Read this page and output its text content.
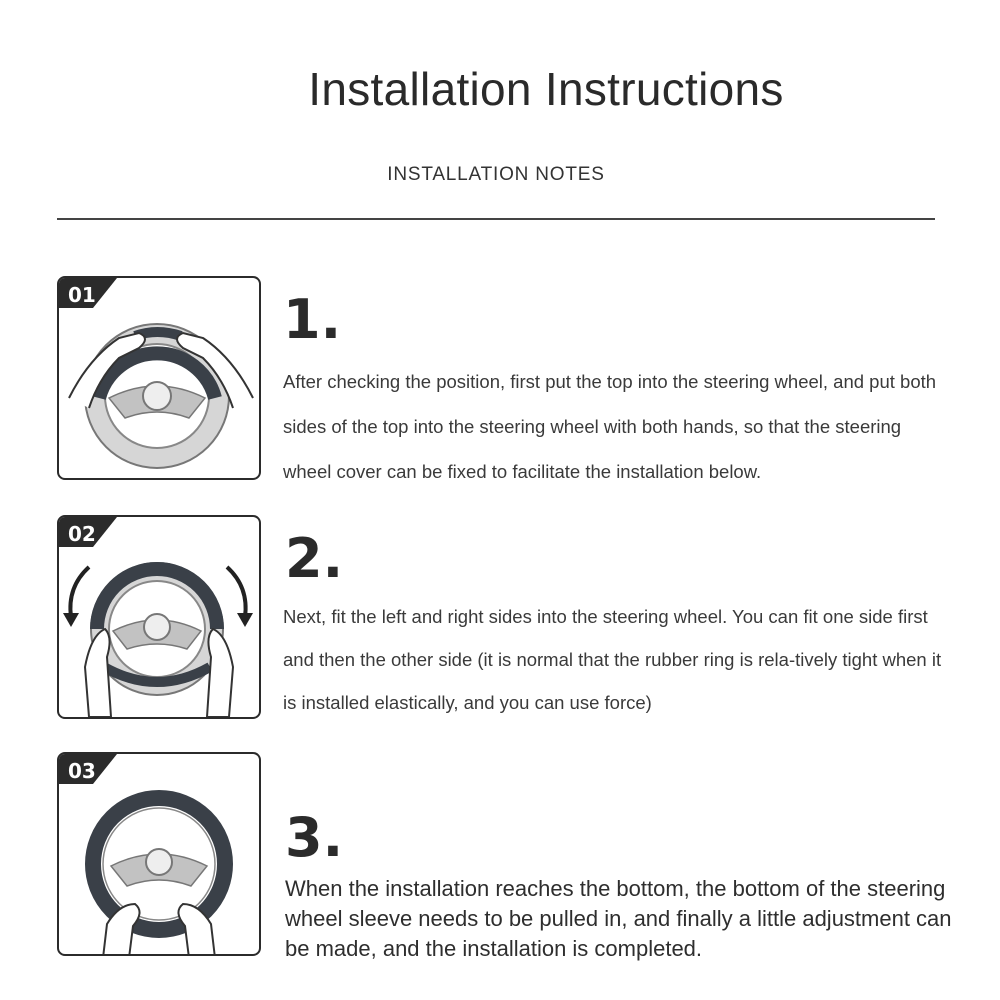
Installation Instructions
INSTALLATION NOTES
01	1.
After checking the position, first put the top into the steering wheel, and put both sides of the top into the steering wheel with both hands, so that the steering wheel cover can be fixed to facilitate the installation below.
02	2.
Next, fit the left and right sides into the steering wheel. You can fit one side first and then the other side (it is normal that the rubber ring is rela-tively tight when it is installed elastically, and you can use force)
03
3.
When the installation reaches the bottom, the bottom of the steering wheel sleeve needs to be pulled in, and finally a little adjustment can be made, and the installation is completed.
